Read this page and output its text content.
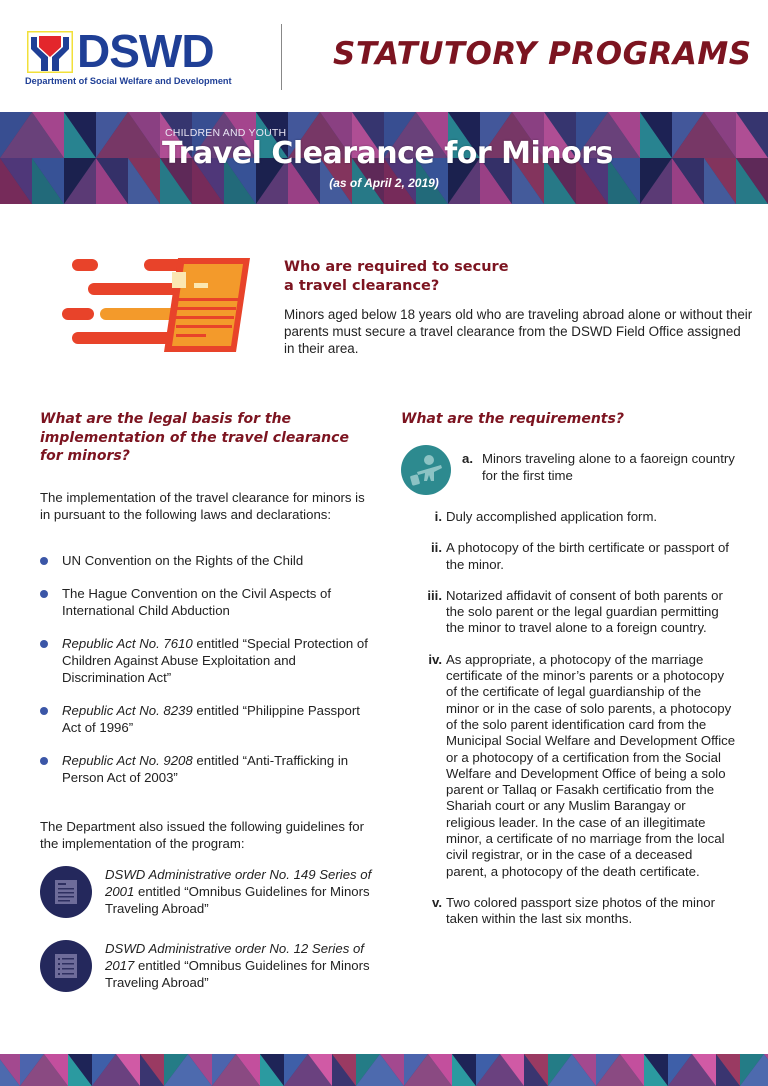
DSWD
Department of Social Welfare and Development
STATUTORY PROGRAMS
CHILDREN AND YOUTH
Travel Clearance for Minors
(as of April 2, 2019)
Who are required to secure
a travel clearance?
Minors aged below 18 years old who are traveling abroad alone or without their parents must secure a travel clearance from the DSWD Field Office assigned in their area.
What are the legal basis for the
implementation of the travel clearance
for minors?
The implementation of the travel clearance for minors is in pursuant to the following laws and declarations:
UN Convention on the Rights of the Child
The Hague Convention on the Civil Aspects of International Child Abduction
Republic Act No. 7610 entitled “Special Protection of Children Against Abuse Exploitation and Discrimination Act”
Republic Act No. 8239 entitled “Philippine Passport Act of 1996”
Republic Act No. 9208 entitled “Anti-Trafficking in Person Act of 2003”
The Department also issued the following guidelines for the implementation of the program:
DSWD Administrative order No. 149 Series of 2001 entitled “Omnibus Guidelines for Minors Traveling Abroad”
DSWD Administrative order No. 12 Series of 2017 entitled “Omnibus Guidelines for Minors Traveling Abroad”
What are the requirements?
a. Minors traveling alone to a faoreign country for the first time
i. Duly accomplished application form.
ii. A photocopy of the birth certificate or passport of the minor.
iii. Notarized affidavit of consent of both parents or the solo parent or the legal guardian permitting the minor to travel alone to a foreign country.
iv. As appropriate, a photocopy of the marriage certificate of the minor’s parents or a photocopy of the certificate of legal guardianship of the minor or in the case of solo parents, a photocopy of the solo parent identification card from the Municipal Social Welfare and Development Office or a photocopy of a certification from the Social Welfare and Development Office of being a solo parent or Tallaq or Fasakh certificatio from the Shariah court or any Muslim Barangay or religious leader. In the case of an illegitimate minor, a certificate of no marriage from the local civil registrar, or in the case of a deceased parent, a photocopy of the death certificate.
v. Two colored passport size photos of the minor taken within the last six months.
